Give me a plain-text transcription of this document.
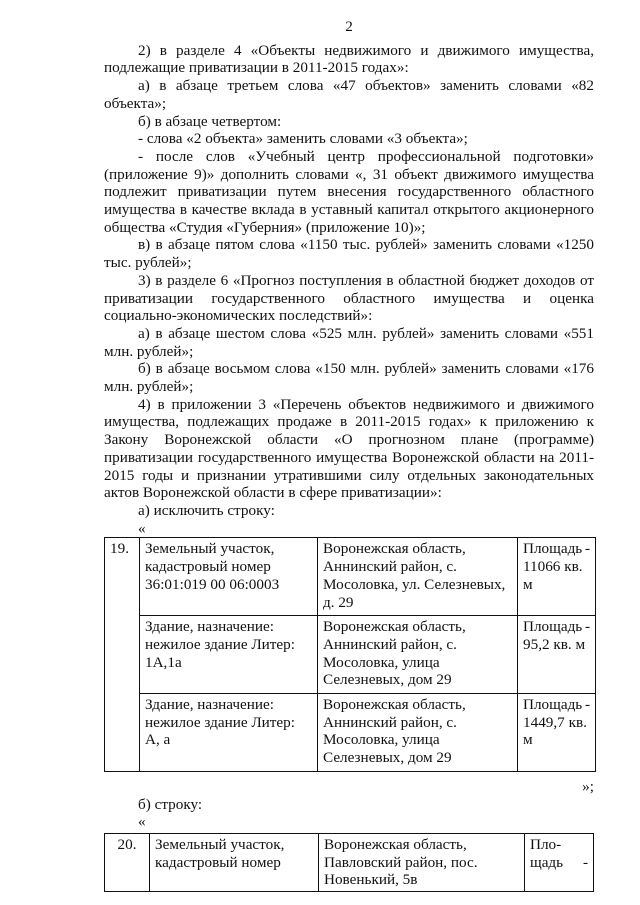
2

2) в разделе 4 «Объекты недвижимого и движимого имущества, подлежащие приватизации в 2011-2015 годах»:

а) в абзаце третьем слова «47 объектов» заменить словами «82 объекта»;

б) в абзаце четвертом:

- слова «2 объекта» заменить словами «3 объекта»;

- после слов «Учебный центр профессиональной подготовки» (приложение 9)» дополнить словами «, 31 объект движимого имущества подлежит приватизации путем внесения государственного областного имущества в качестве вклада в уставный капитал открытого акционерного общества «Студия «Губерния» (приложение 10)»;

в) в абзаце пятом слова «1150 тыс. рублей» заменить словами «1250 тыс. рублей»;

3) в разделе 6 «Прогноз поступления в областной бюджет доходов от приватизации государственного областного имущества и оценка социально-экономических последствий»:

а) в абзаце шестом слова «525 млн. рублей» заменить словами «551 млн. рублей»;

б) в абзаце восьмом слова «150 млн. рублей» заменить словами «176 млн. рублей»;

4) в приложении 3 «Перечень объектов недвижимого и движимого имущества, подлежащих продаже в 2011-2015 годах» к приложению к Закону Воронежской области «О прогнозном плане (программе) приватизации государственного имущества Воронежской области на 2011-2015 годы и признании утратившими силу отдельных законодательных актов Воронежской области в сфере приватизации»:

а) исключить строку:

«

19.	Земельный участок, кадастровый номер 36:01:019 00 06:0003	Воронежская область, Аннинский район, с. Мосоловка, ул. Селезневых, д. 29	Площадь -
11066 кв. м

	Здание, назначение: нежилое здание Литер: 1А,1а	Воронежская область, Аннинский район, с. Мосоловка, улица Селезневых, дом 29	Площадь -
95,2 кв. м

	Здание, назначение: нежилое здание Литер: А, а	Воронежская область, Аннинский район, с. Мосоловка, улица Селезневых, дом 29	Площадь -
1449,7 кв. м

»;

б) строку:

«

20.	Земельный участок, кадастровый номер	Воронежская область, Павловский район, пос. Новенький, 5в	
Пло-
щадь -
